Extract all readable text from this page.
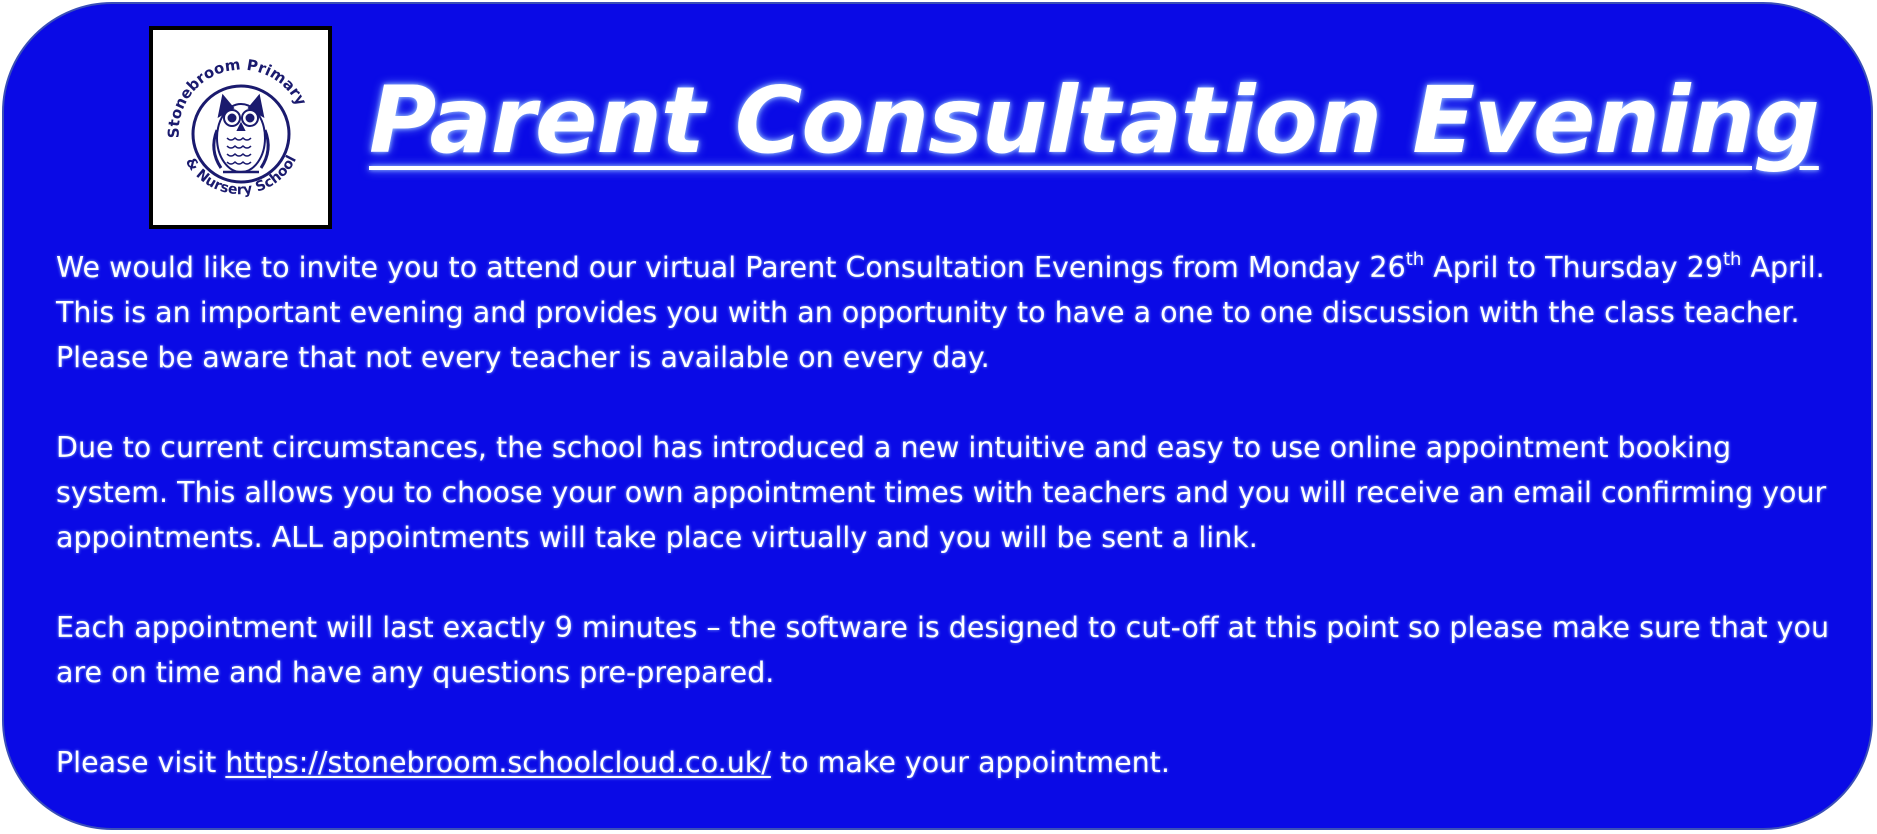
Stonebroom Primary
& Nursery School Parent Consultation Evening

We would like to invite you to attend our virtual Parent Consultation Evenings from Monday 26th April to Thursday 29th April. This is an important evening and provides you with an opportunity to have a one to one discussion with the class teacher. Please be aware that not every teacher is available on every day.

Due to current circumstances, the school has introduced a new intuitive and easy to use online appointment booking system. This allows you to choose your own appointment times with teachers and you will receive an email confirming your appointments. ALL appointments will take place virtually and you will be sent a link.

Each appointment will last exactly 9 minutes – the software is designed to cut-off at this point so please make sure that you are on time and have any questions pre-prepared.

Please visit https://stonebroom.schoolcloud.co.uk/ to make your appointment.
